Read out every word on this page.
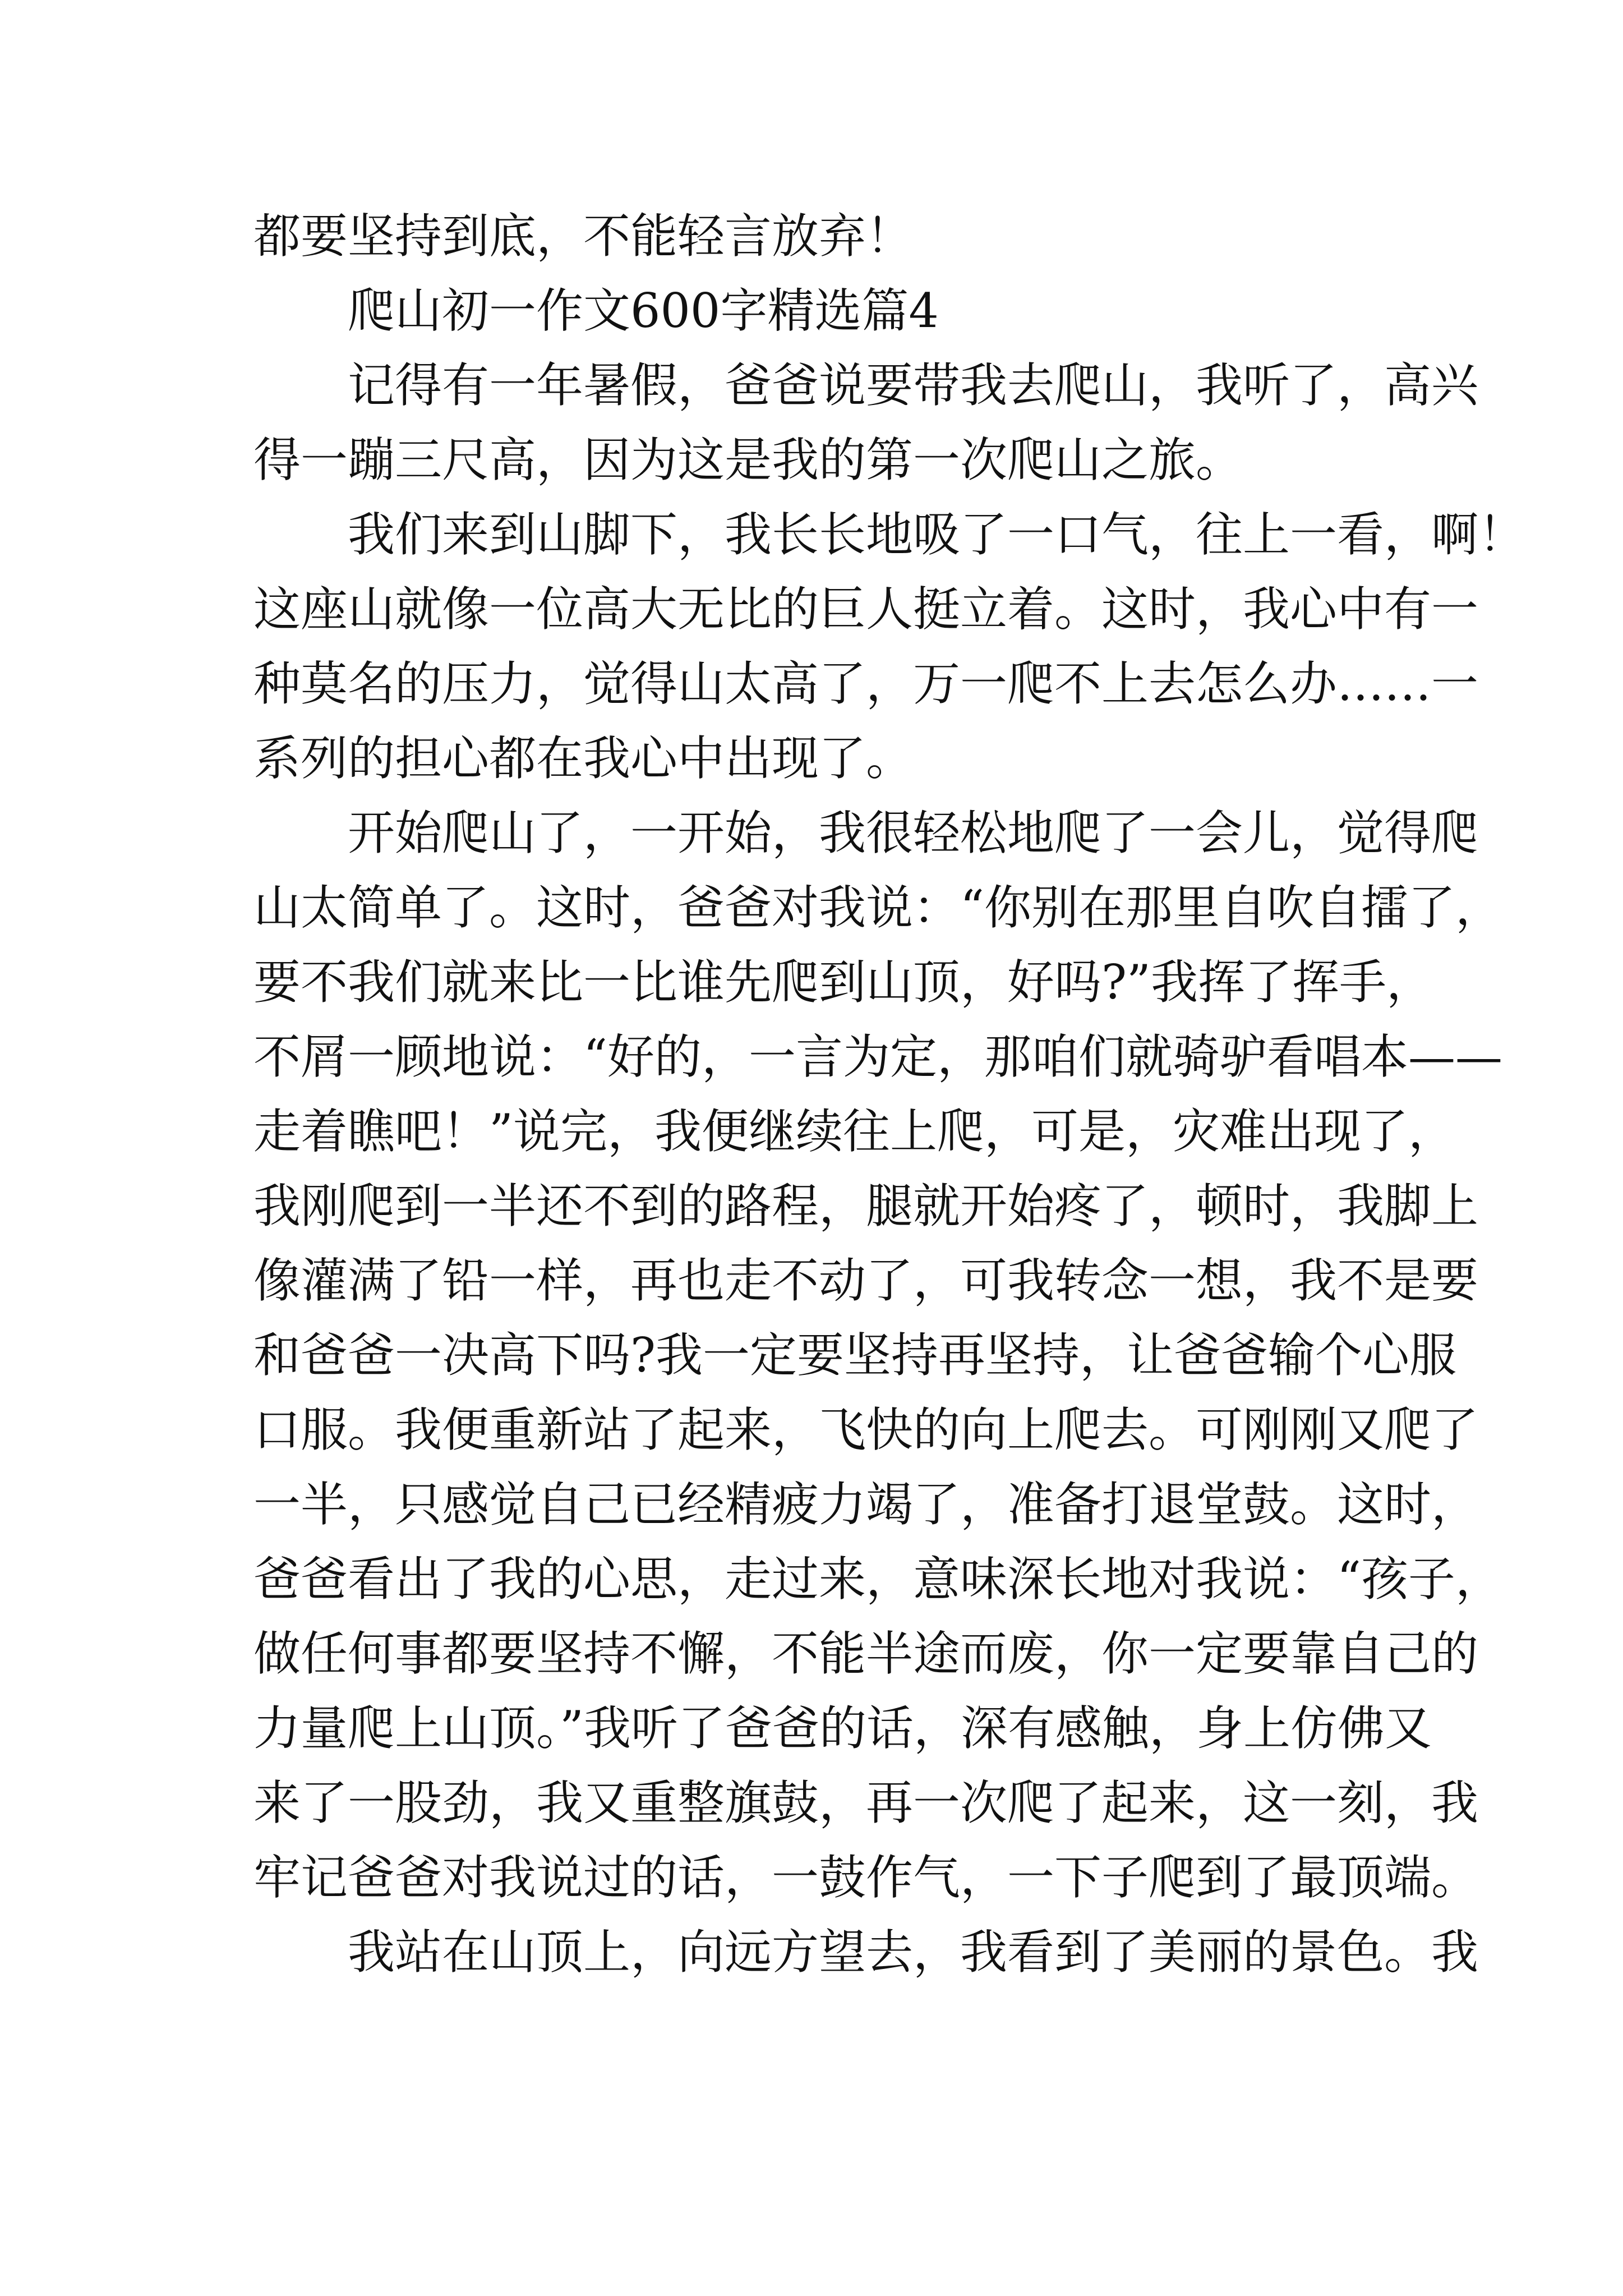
都要坚持到底，不能轻言放弃！
爬山初一作文600字精选篇4
记得有一年暑假，爸爸说要带我去爬山，我听了，高兴
得一蹦三尺高，因为这是我的第一次爬山之旅。
我们来到山脚下，我长长地吸了一口气，往上一看，啊！
这座山就像一位高大无比的巨人挺立着。这时，我心中有一
种莫名的压力，觉得山太高了，万一爬不上去怎么办……一
系列的担心都在我心中出现了。
开始爬山了，一开始，我很轻松地爬了一会儿，觉得爬
山太简单了。这时，爸爸对我说：“你别在那里自吹自擂了，
要不我们就来比一比谁先爬到山顶，好吗?”我挥了挥手，
不屑一顾地说：“好的，一言为定，那咱们就骑驴看唱本——
走着瞧吧！”说完，我便继续往上爬，可是，灾难出现了，
我刚爬到一半还不到的路程，腿就开始疼了，顿时，我脚上
像灌满了铅一样，再也走不动了，可我转念一想，我不是要
和爸爸一决高下吗?我一定要坚持再坚持，让爸爸输个心服
口服。我便重新站了起来，飞快的向上爬去。可刚刚又爬了
一半，只感觉自己已经精疲力竭了，准备打退堂鼓。这时，
爸爸看出了我的心思，走过来，意味深长地对我说：“孩子，
做任何事都要坚持不懈，不能半途而废，你一定要靠自己的
力量爬上山顶。”我听了爸爸的话，深有感触，身上仿佛又
来了一股劲，我又重整旗鼓，再一次爬了起来，这一刻，我
牢记爸爸对我说过的话，一鼓作气，一下子爬到了最顶端。
我站在山顶上，向远方望去，我看到了美丽的景色。我
